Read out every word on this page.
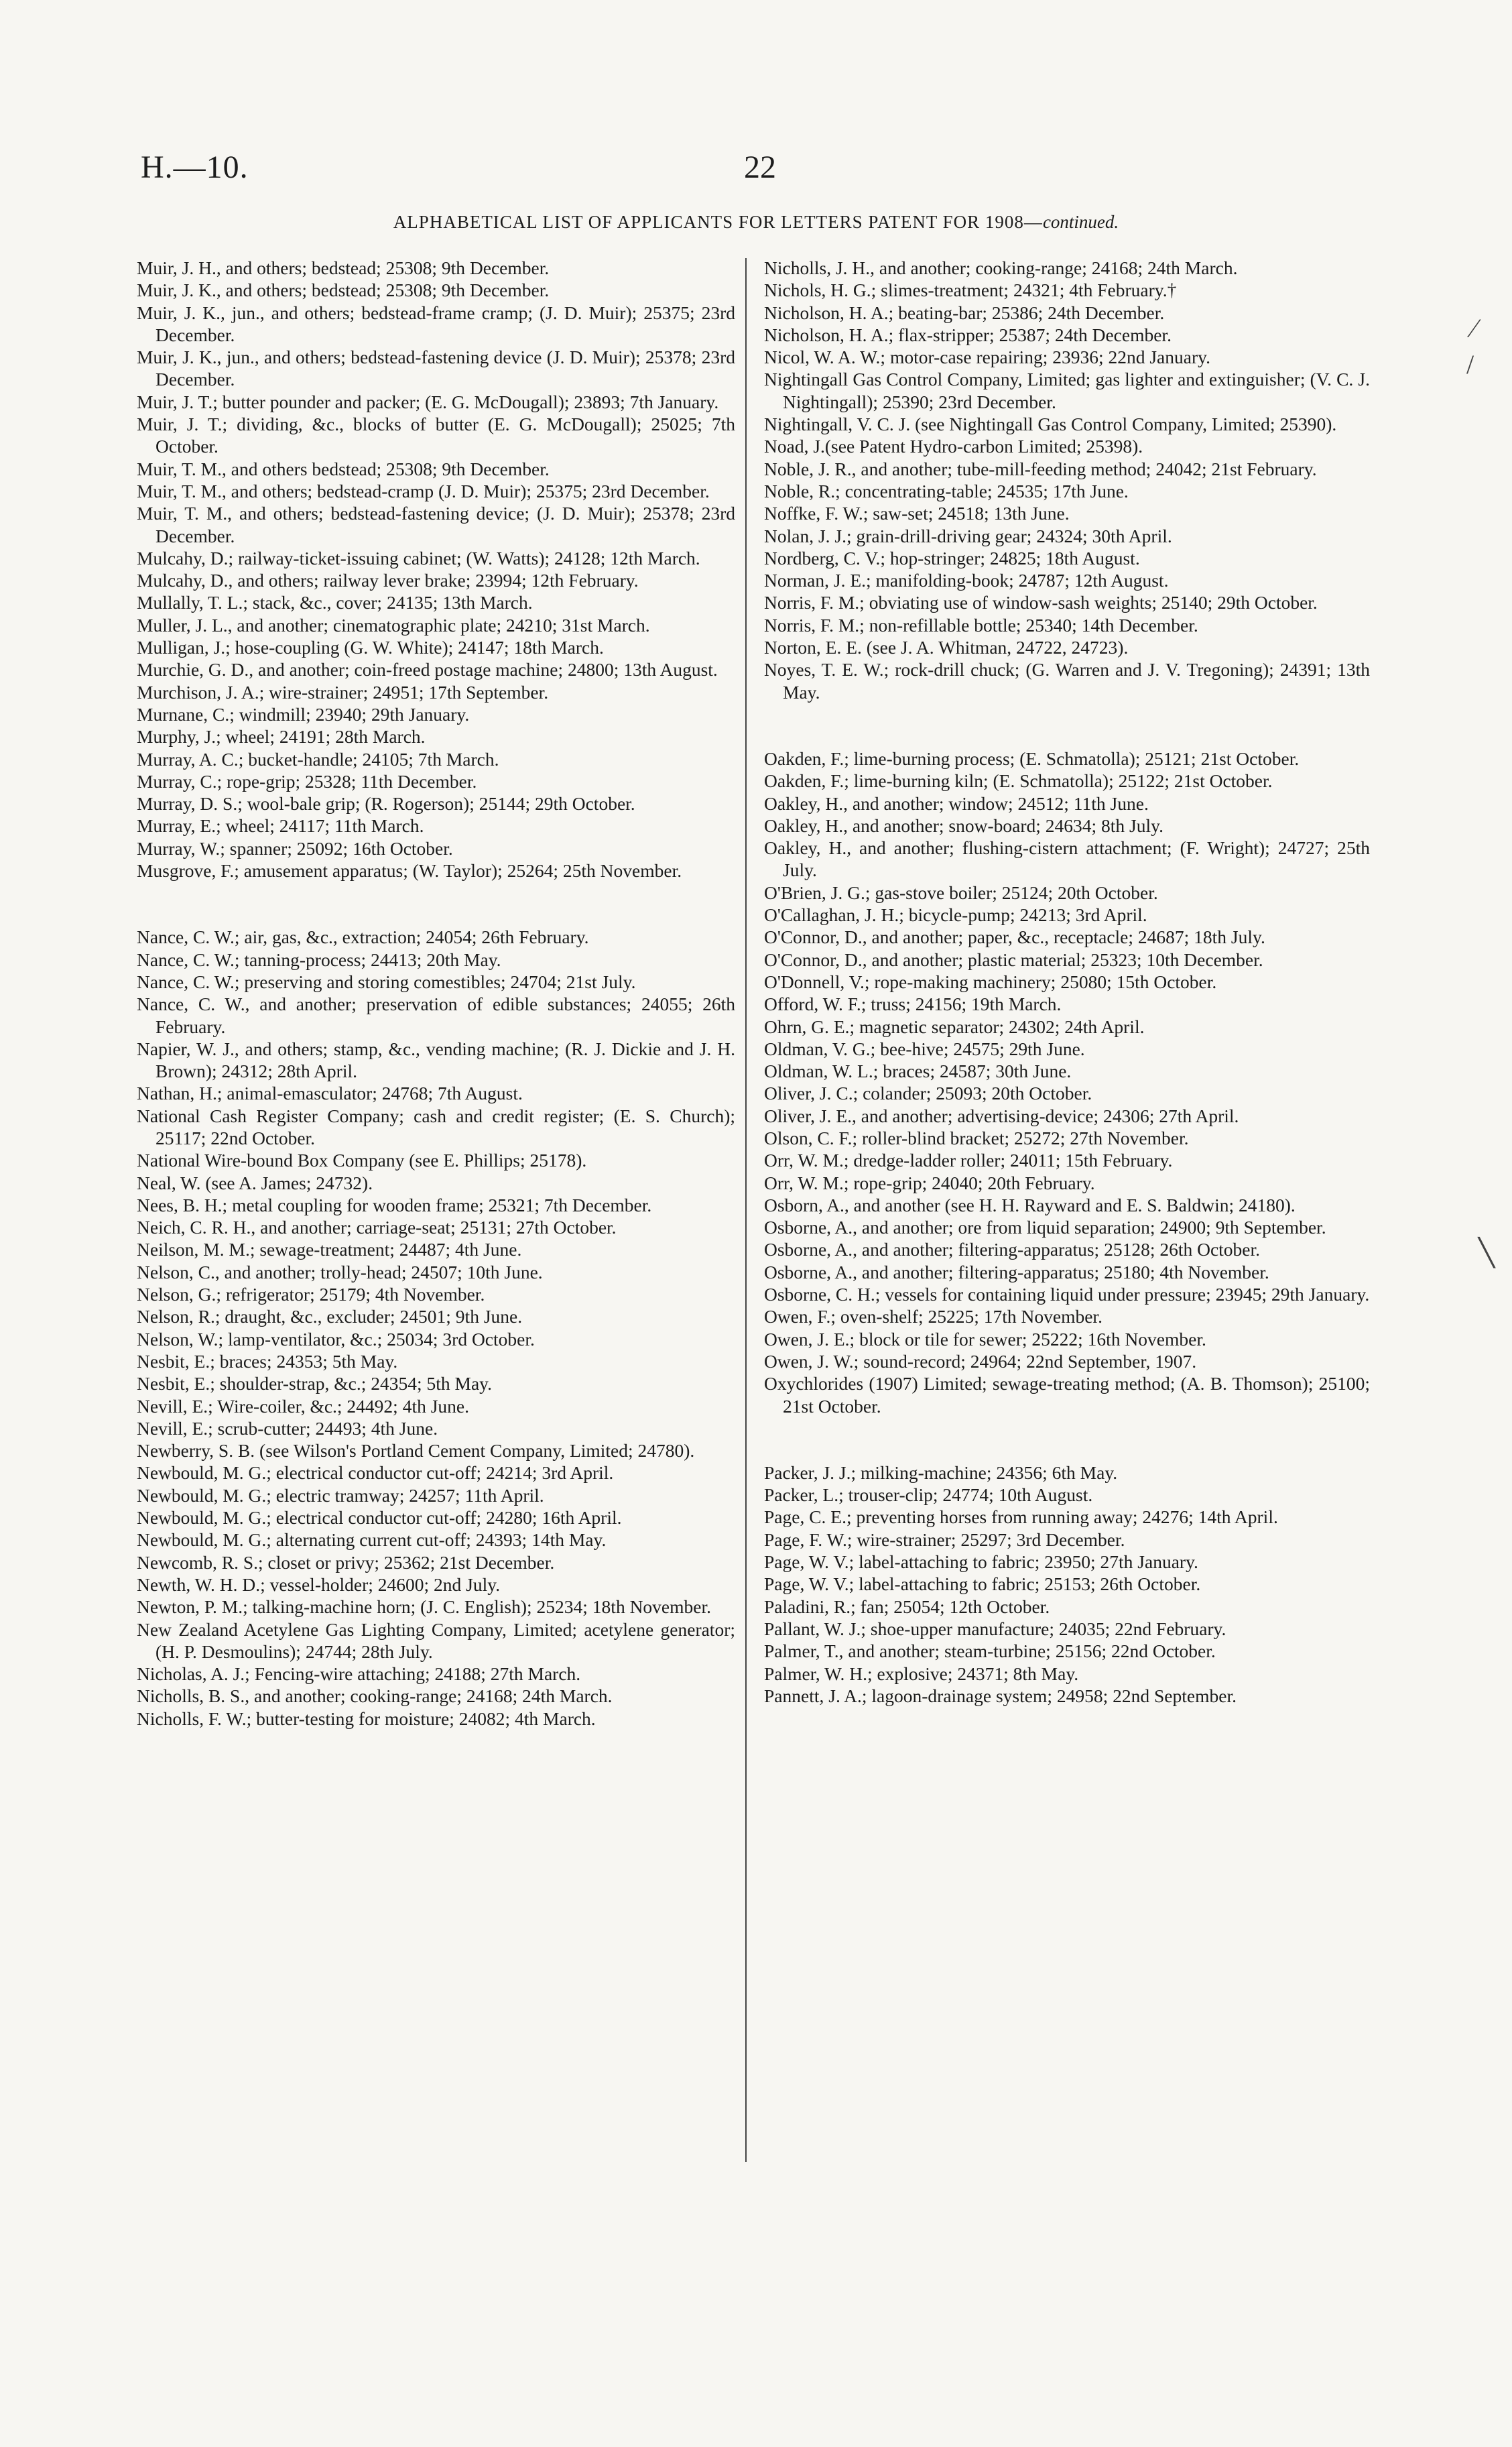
H.—10.	22
ALPHABETICAL LIST OF APPLICANTS FOR LETTERS PATENT FOR 1908—continued.
Muir, J. H., and others; bedstead; 25308; 9th December.
Muir, J. K., and others; bedstead; 25308; 9th December.
Muir, J. K., jun., and others; bedstead-frame cramp; (J. D. Muir); 25375; 23rd December.
Muir, J. K., jun., and others; bedstead-fastening device (J. D. Muir); 25378; 23rd December.
Muir, J. T.; butter pounder and packer; (E. G. McDougall); 23893; 7th January.
Muir, J. T.; dividing, &c., blocks of butter (E. G. McDougall); 25025; 7th October.
Muir, T. M., and others bedstead; 25308; 9th December.
Muir, T. M., and others; bedstead-cramp (J. D. Muir); 25375; 23rd December.
Muir, T. M., and others; bedstead-fastening device; (J. D. Muir); 25378; 23rd December.
Mulcahy, D.; railway-ticket-issuing cabinet; (W. Watts); 24128; 12th March.
Mulcahy, D., and others; railway lever brake; 23994; 12th February.
Mullally, T. L.; stack, &c., cover; 24135; 13th March.
Muller, J. L., and another; cinematographic plate; 24210; 31st March.
Mulligan, J.; hose-coupling (G. W. White); 24147; 18th March.
Murchie, G. D., and another; coin-freed postage machine; 24800; 13th August.
Murchison, J. A.; wire-strainer; 24951; 17th September.
Murnane, C.; windmill; 23940; 29th January.
Murphy, J.; wheel; 24191; 28th March.
Murray, A. C.; bucket-handle; 24105; 7th March.
Murray, C.; rope-grip; 25328; 11th December.
Murray, D. S.; wool-bale grip; (R. Rogerson); 25144; 29th October.
Murray, E.; wheel; 24117; 11th March.
Murray, W.; spanner; 25092; 16th October.
Musgrove, F.; amusement apparatus; (W. Taylor); 25264; 25th November.
Nance, C. W.; air, gas, &c., extraction; 24054; 26th February.
Nance, C. W.; tanning-process; 24413; 20th May.
Nance, C. W.; preserving and storing comestibles; 24704; 21st July.
Nance, C. W., and another; preservation of edible substances; 24055; 26th February.
Napier, W. J., and others; stamp, &c., vending machine; (R. J. Dickie and J. H. Brown); 24312; 28th April.
Nathan, H.; animal-emasculator; 24768; 7th August.
National Cash Register Company; cash and credit register; (E. S. Church); 25117; 22nd October.
National Wire-bound Box Company (see E. Phillips; 25178).
Neal, W. (see A. James; 24732).
Nees, B. H.; metal coupling for wooden frame; 25321; 7th December.
Neich, C. R. H., and another; carriage-seat; 25131; 27th October.
Neilson, M. M.; sewage-treatment; 24487; 4th June.
Nelson, C., and another; trolly-head; 24507; 10th June.
Nelson, G.; refrigerator; 25179; 4th November.
Nelson, R.; draught, &c., excluder; 24501; 9th June.
Nelson, W.; lamp-ventilator, &c.; 25034; 3rd October.
Nesbit, E.; braces; 24353; 5th May.
Nesbit, E.; shoulder-strap, &c.; 24354; 5th May.
Nevill, E.; Wire-coiler, &c.; 24492; 4th June.
Nevill, E.; scrub-cutter; 24493; 4th June.
Newberry, S. B. (see Wilson's Portland Cement Company, Limited; 24780).
Newbould, M. G.; electrical conductor cut-off; 24214; 3rd April.
Newbould, M. G.; electric tramway; 24257; 11th April.
Newbould, M. G.; electrical conductor cut-off; 24280; 16th April.
Newbould, M. G.; alternating current cut-off; 24393; 14th May.
Newcomb, R. S.; closet or privy; 25362; 21st December.
Newth, W. H. D.; vessel-holder; 24600; 2nd July.
Newton, P. M.; talking-machine horn; (J. C. English); 25234; 18th November.
New Zealand Acetylene Gas Lighting Company, Limited; acetylene generator; (H. P. Desmoulins); 24744; 28th July.
Nicholas, A. J.; Fencing-wire attaching; 24188; 27th March.
Nicholls, B. S., and another; cooking-range; 24168; 24th March.
Nicholls, F. W.; butter-testing for moisture; 24082; 4th March.
Nicholls, J. H., and another; cooking-range; 24168; 24th March.
Nichols, H. G.; slimes-treatment; 24321; 4th February.†
Nicholson, H. A.; beating-bar; 25386; 24th December.
Nicholson, H. A.; flax-stripper; 25387; 24th December.
Nicol, W. A. W.; motor-case repairing; 23936; 22nd January.
Nightingall Gas Control Company, Limited; gas lighter and extinguisher; (V. C. J. Nightingall); 25390; 23rd December.
Nightingall, V. C. J. (see Nightingall Gas Control Company, Limited; 25390).
Noad, J.(see Patent Hydro-carbon Limited; 25398).
Noble, J. R., and another; tube-mill-feeding method; 24042; 21st February.
Noble, R.; concentrating-table; 24535; 17th June.
Noffke, F. W.; saw-set; 24518; 13th June.
Nolan, J. J.; grain-drill-driving gear; 24324; 30th April.
Nordberg, C. V.; hop-stringer; 24825; 18th August.
Norman, J. E.; manifolding-book; 24787; 12th August.
Norris, F. M.; obviating use of window-sash weights; 25140; 29th October.
Norris, F. M.; non-refillable bottle; 25340; 14th December.
Norton, E. E. (see J. A. Whitman, 24722, 24723).
Noyes, T. E. W.; rock-drill chuck; (G. Warren and J. V. Tregoning); 24391; 13th May.
Oakden, F.; lime-burning process; (E. Schmatolla); 25121; 21st October.
Oakden, F.; lime-burning kiln; (E. Schmatolla); 25122; 21st October.
Oakley, H., and another; window; 24512; 11th June.
Oakley, H., and another; snow-board; 24634; 8th July.
Oakley, H., and another; flushing-cistern attachment; (F. Wright); 24727; 25th July.
O'Brien, J. G.; gas-stove boiler; 25124; 20th October.
O'Callaghan, J. H.; bicycle-pump; 24213; 3rd April.
O'Connor, D., and another; paper, &c., receptacle; 24687; 18th July.
O'Connor, D., and another; plastic material; 25323; 10th December.
O'Donnell, V.; rope-making machinery; 25080; 15th October.
Offord, W. F.; truss; 24156; 19th March.
Ohrn, G. E.; magnetic separator; 24302; 24th April.
Oldman, V. G.; bee-hive; 24575; 29th June.
Oldman, W. L.; braces; 24587; 30th June.
Oliver, J. C.; colander; 25093; 20th October.
Oliver, J. E., and another; advertising-device; 24306; 27th April.
Olson, C. F.; roller-blind bracket; 25272; 27th November.
Orr, W. M.; dredge-ladder roller; 24011; 15th February.
Orr, W. M.; rope-grip; 24040; 20th February.
Osborn, A., and another (see H. H. Rayward and E. S. Baldwin; 24180).
Osborne, A., and another; ore from liquid separation; 24900; 9th September.
Osborne, A., and another; filtering-apparatus; 25128; 26th October.
Osborne, A., and another; filtering-apparatus; 25180; 4th November.
Osborne, C. H.; vessels for containing liquid under pressure; 23945; 29th January.
Owen, F.; oven-shelf; 25225; 17th November.
Owen, J. E.; block or tile for sewer; 25222; 16th November.
Owen, J. W.; sound-record; 24964; 22nd September, 1907.
Oxychlorides (1907) Limited; sewage-treating method; (A. B. Thomson); 25100; 21st October.
Packer, J. J.; milking-machine; 24356; 6th May.
Packer, L.; trouser-clip; 24774; 10th August.
Page, C. E.; preventing horses from running away; 24276; 14th April.
Page, F. W.; wire-strainer; 25297; 3rd December.
Page, W. V.; label-attaching to fabric; 23950; 27th January.
Page, W. V.; label-attaching to fabric; 25153; 26th October.
Paladini, R.; fan; 25054; 12th October.
Pallant, W. J.; shoe-upper manufacture; 24035; 22nd February.
Palmer, T., and another; steam-turbine; 25156; 22nd October.
Palmer, W. H.; explosive; 24371; 8th May.
Pannett, J. A.; lagoon-drainage system; 24958; 22nd September.
⁄
/
╲
